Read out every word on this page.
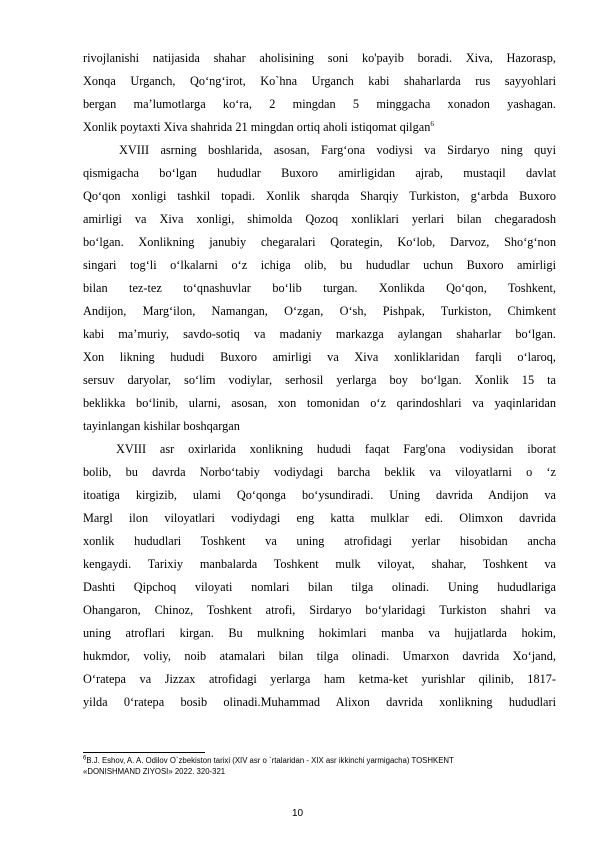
rivojlanishi natijasida shahar aholisining soni ko'payib boradi. Xiva, Hazorasp,
Xonqa Urganch, Qo‘ng‘irot, Ko`hna Urganch kabi shaharlarda rus sayyohlari
bergan ma’lumotlarga ko‘ra, 2 mingdan 5 minggacha xonadon yashagan.
Xonlik poytaxti Xiva shahrida 21 mingdan ortiq aholi istiqomat qilgan$^6$
XVIII asrning boshlarida, asosan, Farg‘ona vodiysi va Sirdaryo ning quyi
qismigacha bo‘lgan hududlar Buxoro amirligidan ajrab, mustaqil davlat
Qo‘qon xonligi tashkil topadi. Xonlik sharqda Sharqiy Turkiston, g‘arbda Buxoro
amirligi va Xiva xonligi, shimolda Qozoq xonliklari yerlari bilan chegaradosh
bo‘lgan. Xonlikning janubiy chegaralari Qorategin, Ko‘lob, Darvoz, Sho‘g‘non
singari tog‘li o‘lkalarni o‘z ichiga olib, bu hududlar uchun Buxoro amirligi
bilan tez-tez to‘qnashuvlar bo‘lib turgan. Xonlikda Qo‘qon, Toshkent,
Andijon, Marg‘ilon, Namangan, O‘zgan, O‘sh, Pishpak, Turkiston, Chimkent
kabi ma’muriy, savdo-sotiq va madaniy markazga aylangan shaharlar bo‘lgan.
Xon likning hududi Buxoro amirligi va Xiva xonliklaridan farqli o‘laroq,
sersuv daryolar, so‘lim vodiylar, serhosil yerlarga boy bo‘lgan. Xonlik 15 ta
beklikka bo‘linib, ularni, asosan, xon tomonidan o‘z qarindoshlari va yaqinlaridan
tayinlangan kishilar boshqargan
XVIII asr oxirlarida xonlikning hududi faqat Farg'ona vodiysidan iborat
bolib, bu davrda Norbo‘tabiy vodiydagi barcha beklik va viloyatlarni o ‘z
itoatiga kirgizib, ulami Qo‘qonga bo‘ysundiradi. Uning davrida Andijon va
Margl ilon viloyatlari vodiydagi eng katta mulklar edi. Olimxon davrida
xonlik hududlari Toshkent va uning atrofidagi yerlar hisobidan ancha
kengaydi. Tarixiy manbalarda Toshkent mulk viloyat, shahar, Toshkent va
Dashti Qipchoq viloyati nomlari bilan tilga olinadi. Uning hududlariga
Ohangaron, Chinoz, Toshkent atrofi, Sirdaryo bo‘ylaridagi Turkiston shahri va
uning atroflari kirgan. Bu mulkning hokimlari manba va hujjatlarda hokim,
hukmdor, voliy, noib atamalari bilan tilga olinadi. Umarxon davrida Xo‘jand,
O‘ratepa va Jizzax atrofidagi yerlarga ham ketma-ket yurishlar qilinib, 1817-
yilda 0‘ratepa bosib olinadi.Muhammad Alixon davrida xonlikning hududlari
$^6$B.J. Eshov, A. A. Odilov O`zbekiston tarixi (XIV asr o `rtalaridan - XIX asr ikkinchi yarmigacha) TOSHKENT
«DONISHMAND ZIYOSI» 2022. 320-321
10
